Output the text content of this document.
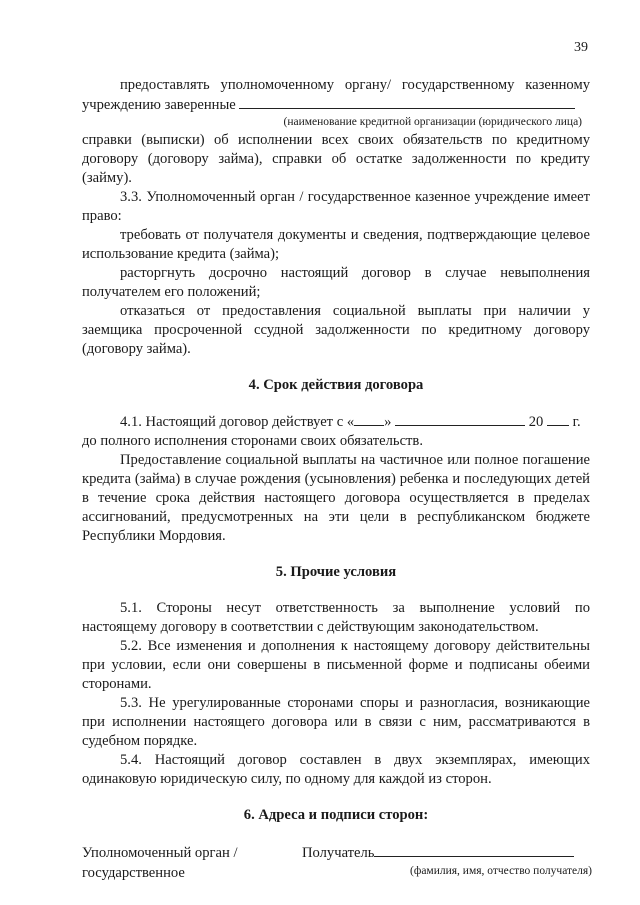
39

предоставлять уполномоченному органу/ государственному казенному учреждению заверенные

(наименование кредитной организации (юридического лица)

справки (выписки) об исполнении всех своих обязательств по кредитному договору (договору займа), справки об остатке задолженности по кредиту (займу).

3.3. Уполномоченный орган / государственное казенное учреждение имеет право:

требовать от получателя документы и сведения, подтверждающие целевое использование кредита (займа);

расторгнуть досрочно настоящий договор в случае невыполнения получателем его положений;

отказаться от предоставления социальной выплаты при наличии у заемщика просроченной ссудной задолженности по кредитному договору (договору займа).

4. Срок действия договора

4.1. Настоящий договор действует с « »	20 г.

до полного исполнения сторонами своих обязательств.

Предоставление социальной выплаты на частичное или полное погашение кредита (займа) в случае рождения (усыновления) ребенка и последующих детей в течение срока действия настоящего договора осуществляется в пределах ассигнований, предусмотренных на эти цели в республиканском бюджете Республики Мордовия.

5. Прочие условия

5.1. Стороны несут ответственность за выполнение условий по настоящему договору в соответствии с действующим законодательством.

5.2. Все изменения и дополнения к настоящему договору действительны при условии, если они совершены в письменной форме и подписаны обеими сторонами.

5.3. Не урегулированные сторонами споры и разногласия, возникающие при исполнении настоящего договора или в связи с ним, рассматриваются в судебном порядке.

5.4. Настоящий договор составлен в двух экземплярах, имеющих одинаковую юридическую силу, по одному для каждой из сторон.

6. Адреса и подписи сторон:
Уполномоченный орган /
государственное
Получатель
(фамилия, имя, отчество получателя)
